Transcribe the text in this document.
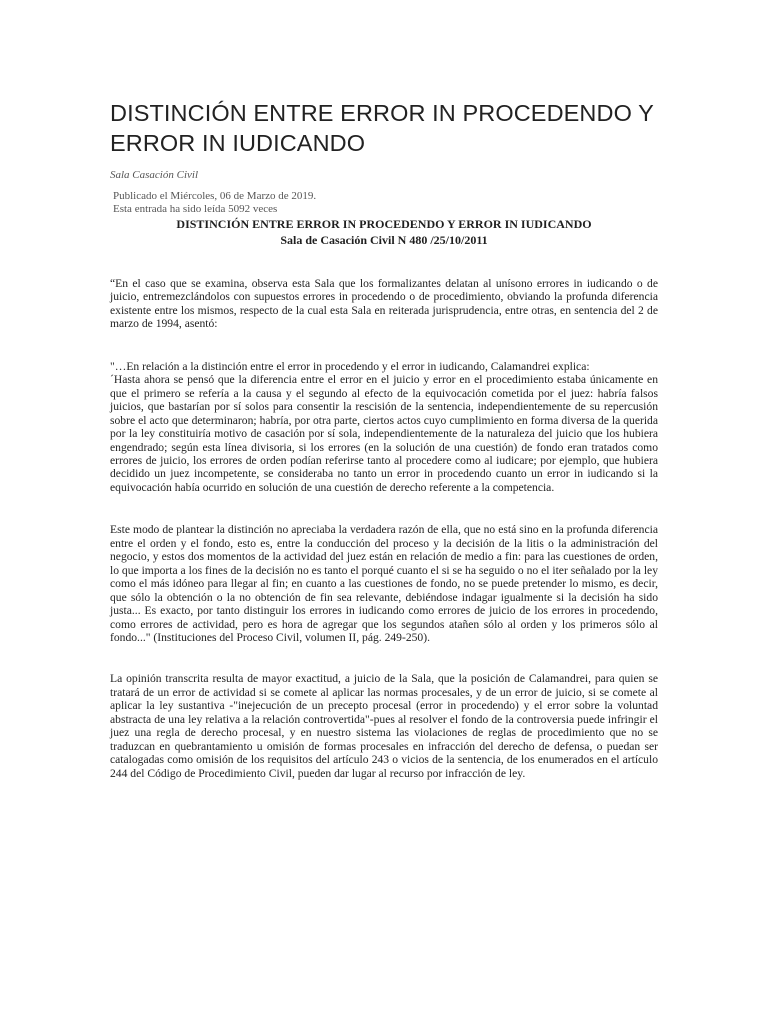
DISTINCIÓN ENTRE ERROR IN PROCEDENDO Y ERROR IN IUDICANDO
Sala Casación Civil
Publicado el Miércoles, 06 de Marzo de 2019.
Esta entrada ha sido leída 5092 veces
DISTINCIÓN ENTRE ERROR IN PROCEDENDO Y ERROR IN IUDICANDO
Sala de Casación Civil N 480 /25/10/2011

“En el caso que se examina, observa esta Sala que los formalizantes delatan al unísono errores in iudicando o de juicio, entremezclándolos con supuestos errores in procedendo o de procedimiento, obviando la profunda diferencia existente entre los mismos, respecto de la cual esta Sala en reiterada jurisprudencia, entre otras, en sentencia del 2 de marzo de 1994, asentó:

"…En relación a la distinción entre el error in procedendo y el error in iudicando, Calamandrei explica:

´Hasta ahora se pensó que la diferencia entre el error en el juicio y error en el procedimiento estaba únicamente en que el primero se refería a la causa y el segundo al efecto de la equivocación cometida por el juez: habría falsos juicios, que bastarían por sí solos para consentir la rescisión de la sentencia, independientemente de su repercusión sobre el acto que determinaron; habría, por otra parte, ciertos actos cuyo cumplimiento en forma diversa de la querida por la ley constituiría motivo de casación por sí sola, independientemente de la naturaleza del juicio que los hubiera engendrado; según esta línea divisoria, si los errores (en la solución de una cuestión) de fondo eran tratados como errores de juicio, los errores de orden podían referirse tanto al procedere como al iudicare; por ejemplo, que hubiera decidido un juez incompetente, se consideraba no tanto un error in procedendo cuanto un error in iudicando si la equivocación había ocurrido en solución de una cuestión de derecho referente a la competencia.

Este modo de plantear la distinción no apreciaba la verdadera razón de ella, que no está sino en la profunda diferencia entre el orden y el fondo, esto es, entre la conducción del proceso y la decisión de la litis o la administración del negocio, y estos dos momentos de la actividad del juez están en relación de medio a fin: para las cuestiones de orden, lo que importa a los fines de la decisión no es tanto el porqué cuanto el si se ha seguido o no el iter señalado por la ley como el más idóneo para llegar al fin; en cuanto a las cuestiones de fondo, no se puede pretender lo mismo, es decir, que sólo la obtención o la no obtención de fin sea relevante, debiéndose indagar igualmente si la decisión ha sido justa... Es exacto, por tanto distinguir los errores in iudicando como errores de juicio de los errores in procedendo, como errores de actividad, pero es hora de agregar que los segundos atañen sólo al orden y los primeros sólo al fondo..." (Instituciones del Proceso Civil, volumen II, pág. 249-250).

La opinión transcrita resulta de mayor exactitud, a juicio de la Sala, que la posición de Calamandrei, para quien se tratará de un error de actividad si se comete al aplicar las normas procesales, y de un error de juicio, si se comete al aplicar la ley sustantiva -"inejecución de un precepto procesal (error in procedendo) y el error sobre la voluntad abstracta de una ley relativa a la relación controvertida"-pues al resolver el fondo de la controversia puede infringir el juez una regla de derecho procesal, y en nuestro sistema las violaciones de reglas de procedimiento que no se traduzcan en quebrantamiento u omisión de formas procesales en infracción del derecho de defensa, o puedan ser catalogadas como omisión de los requisitos del artículo 243 o vicios de la sentencia, de los enumerados en el artículo 244 del Código de Procedimiento Civil, pueden dar lugar al recurso por infracción de ley.
